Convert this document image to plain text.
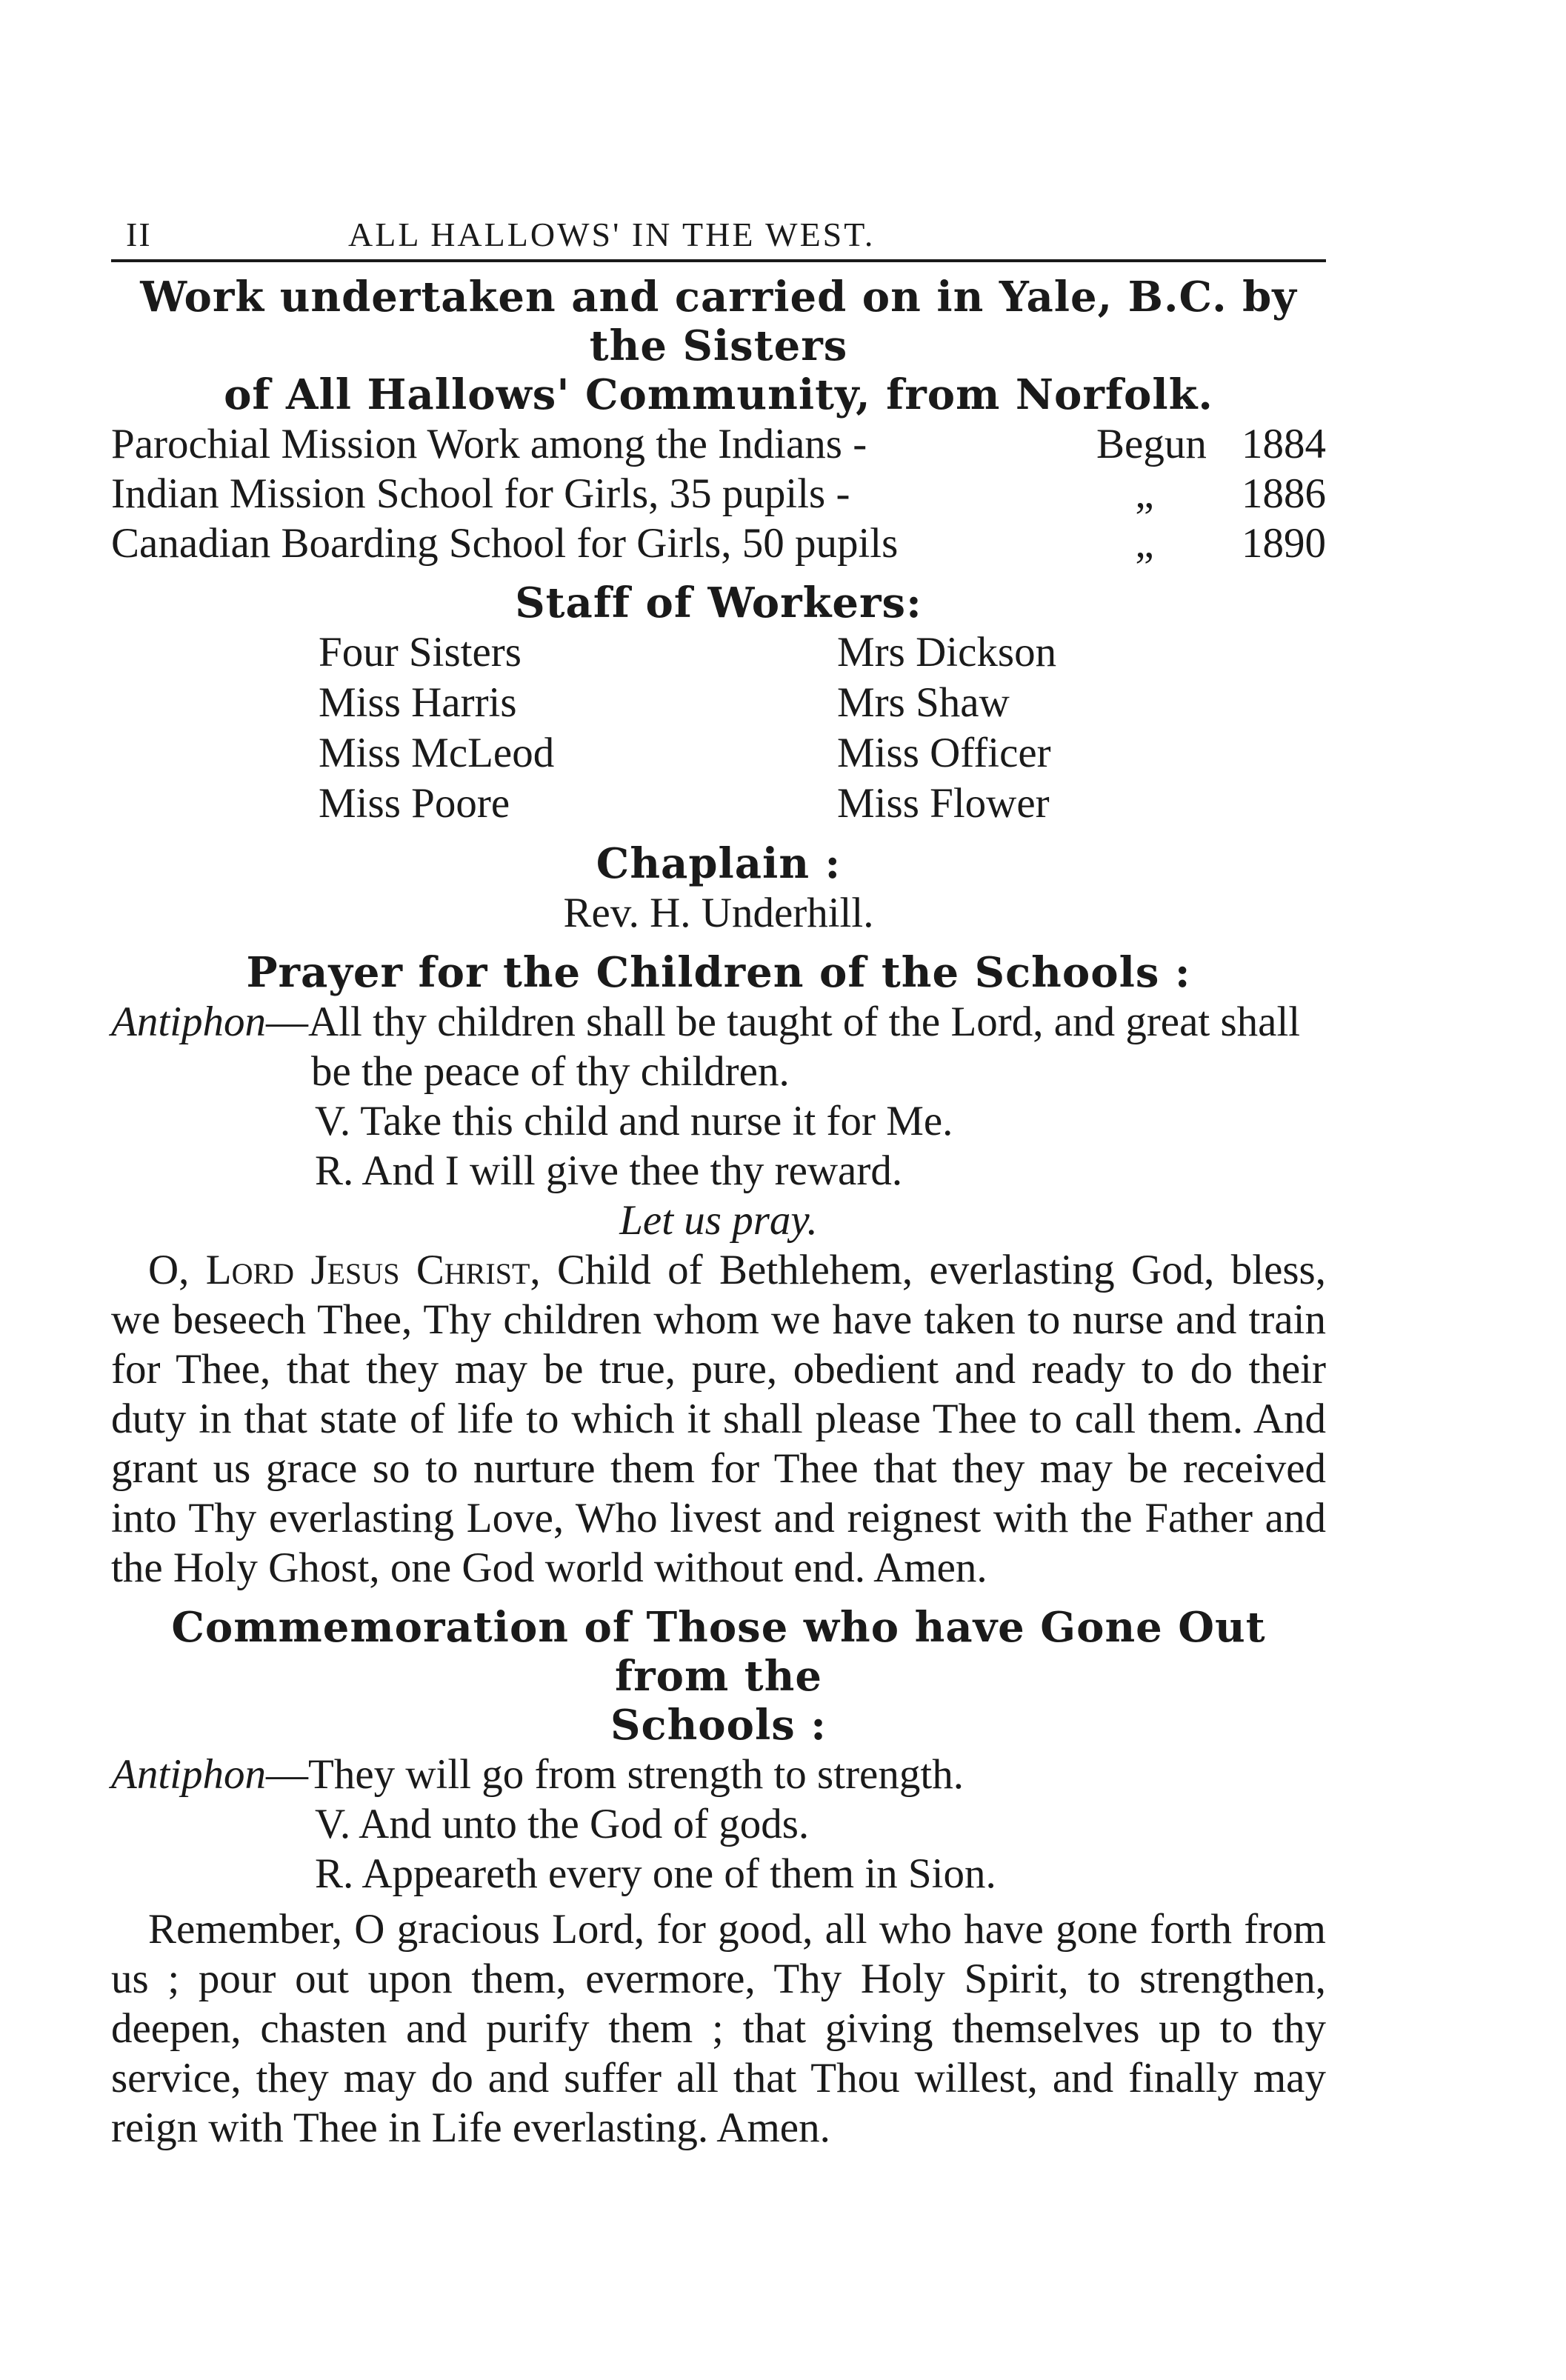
II	ALL HALLOWS' IN THE WEST.
Work undertaken and carried on in Yale, B.C. by the Sisters
of All Hallows' Community, from Norfolk.
Parochial Mission Work among the Indians -	Begun 1884
Indian Mission School for Girls, 35 pupils -	„	1886
Canadian Boarding School for Girls, 50 pupils	„	1890
Staff of Workers:
Four Sisters	Mrs Dickson
Miss Harris	Mrs Shaw
Miss McLeod	Miss Officer
Miss Poore	Miss Flower
Chaplain :
Rev. H. Underhill.
Prayer for the Children of the Schools :
Antiphon—All thy children shall be taught of the Lord, and great shall be the peace of thy children.
V. Take this child and nurse it for Me.
R. And I will give thee thy reward.
Let us pray.
O, Lord Jesus Christ, Child of Bethlehem, everlasting God, bless, we beseech Thee, Thy children whom we have taken to nurse and train for Thee, that they may be true, pure, obedient and ready to do their duty in that state of life to which it shall please Thee to call them. And grant us grace so to nurture them for Thee that they may be received into Thy everlasting Love, Who livest and reignest with the Father and the Holy Ghost, one God world without end. Amen.
Commemoration of Those who have Gone Out from the
Schools :
Antiphon—They will go from strength to strength.
V. And unto the God of gods.
R. Appeareth every one of them in Sion.
Remember, O gracious Lord, for good, all who have gone forth from us ; pour out upon them, evermore, Thy Holy Spirit, to strengthen, deepen, chasten and purify them ; that giving themselves up to thy service, they may do and suffer all that Thou willest, and finally may reign with Thee in Life everlasting. Amen.
